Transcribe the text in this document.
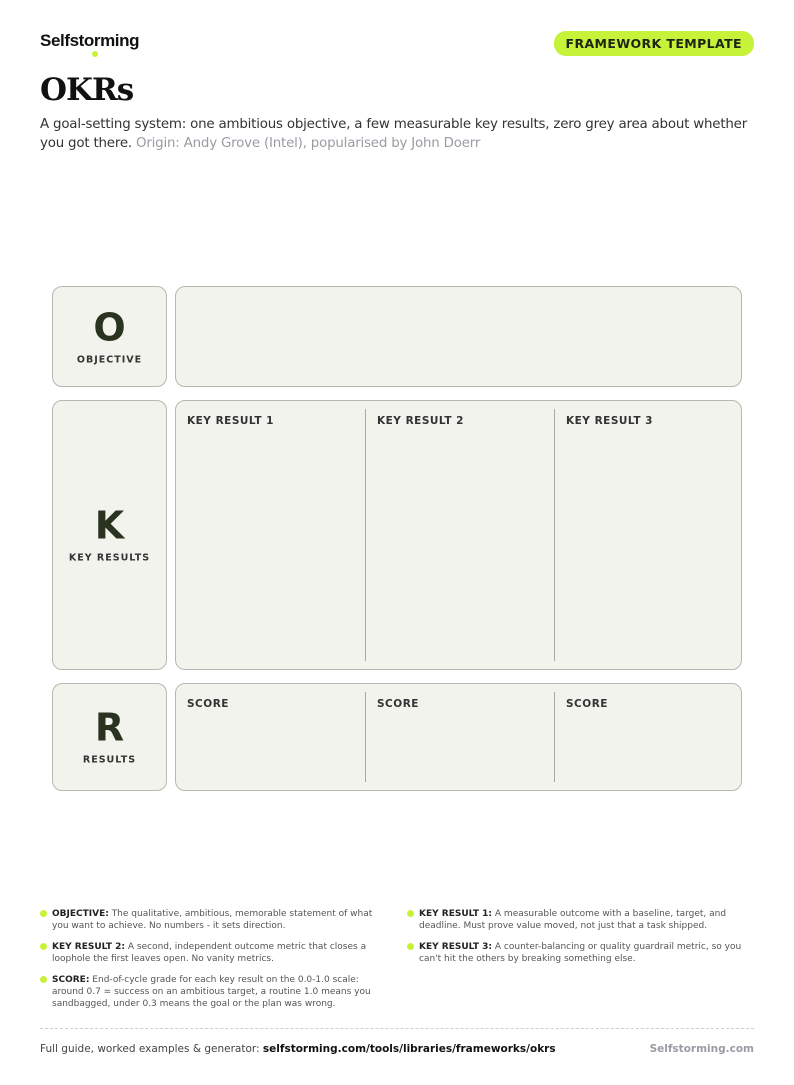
Selfstorming	FRAMEWORK TEMPLATE
OKRs
A goal-setting system: one ambitious objective, a few measurable key results, zero grey area about whether you got there. Origin: Andy Grove (Intel), popularised by John Doerr
O
OBJECTIVE
K
KEY RESULTS
KEY RESULT 1	KEY RESULT 2	KEY RESULT 3
R
RESULTS
SCORE	SCORE	SCORE
OBJECTIVE: The qualitative, ambitious, memorable statement of what you want to achieve. No numbers - it sets direction.
KEY RESULT 1: A measurable outcome with a baseline, target, and deadline. Must prove value moved, not just that a task shipped.
KEY RESULT 2: A second, independent outcome metric that closes a loophole the first leaves open. No vanity metrics.
KEY RESULT 3: A counter-balancing or quality guardrail metric, so you can't hit the others by breaking something else.
SCORE: End-of-cycle grade for each key result on the 0.0-1.0 scale: around 0.7 = success on an ambitious target, a routine 1.0 means you sandbagged, under 0.3 means the goal or the plan was wrong.
Full guide, worked examples & generator: selfstorming.com/tools/libraries/frameworks/okrs	Selfstorming.com
